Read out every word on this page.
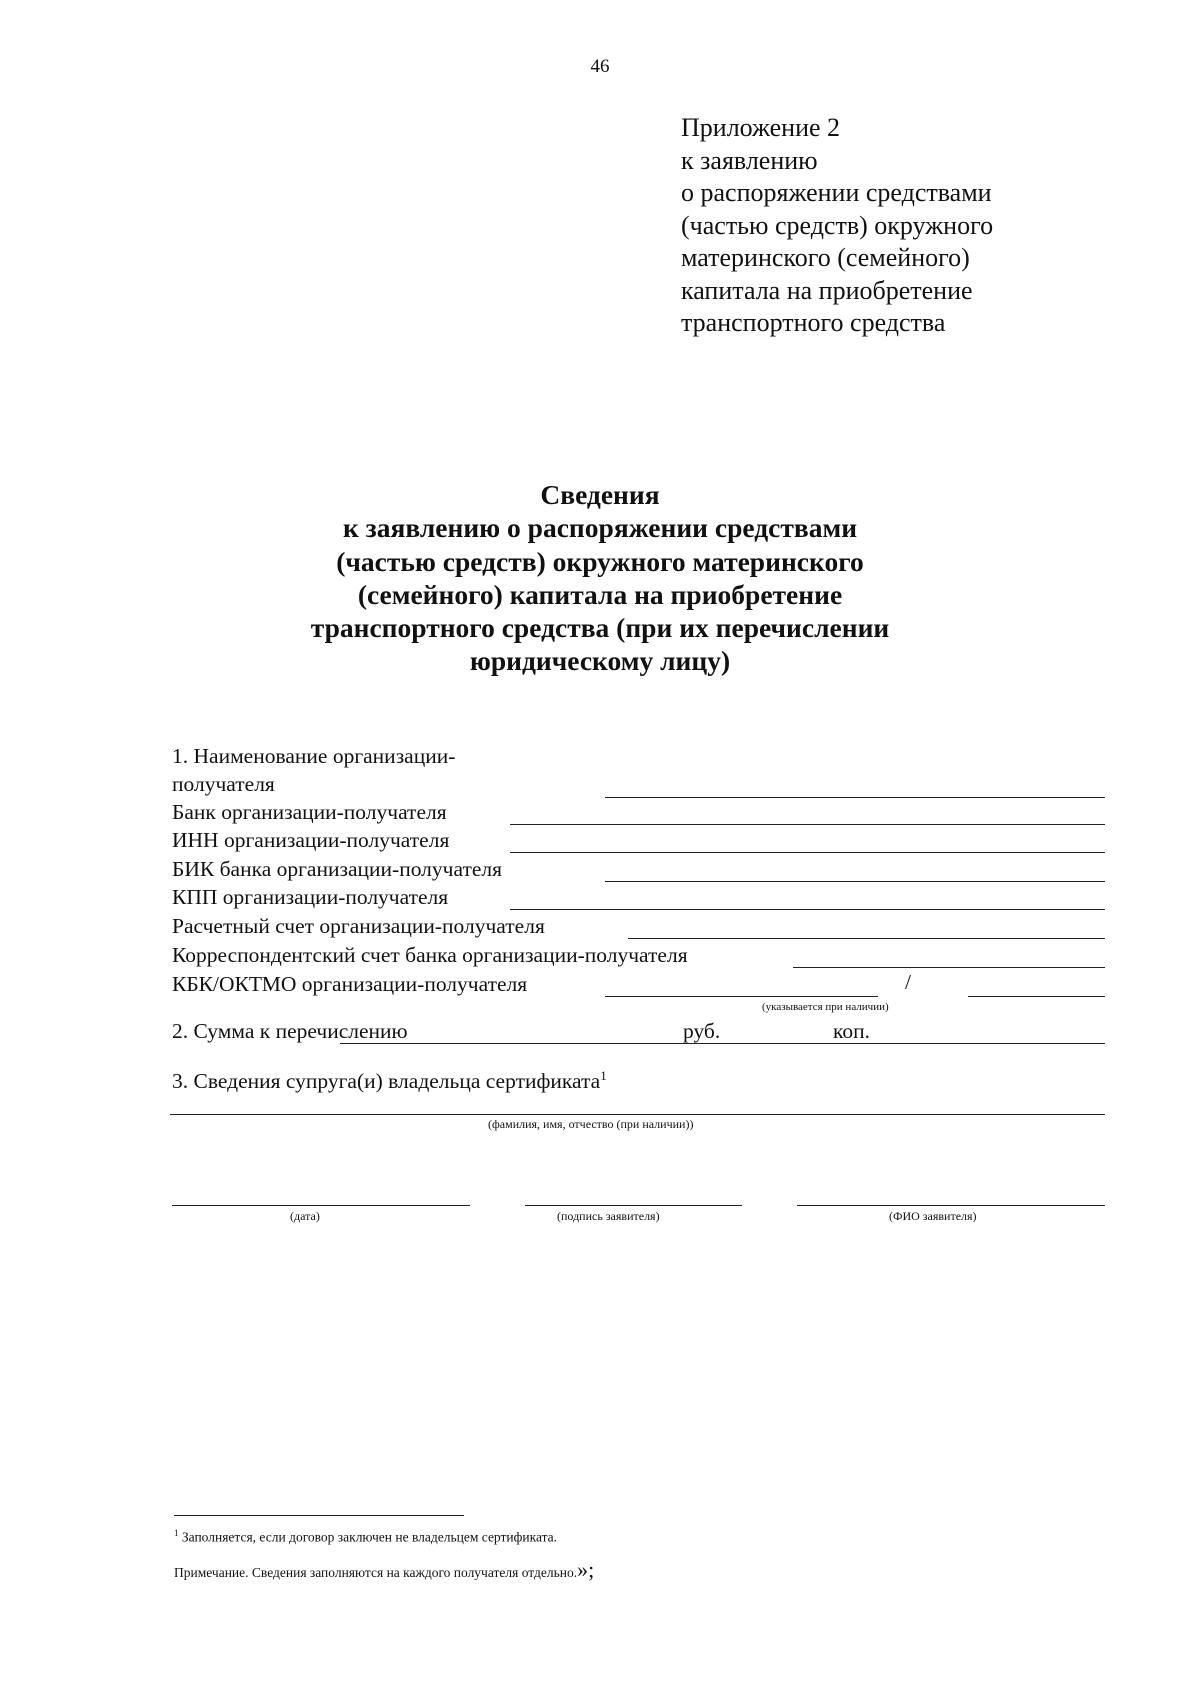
46
Приложение 2
к заявлению
о распоряжении средствами
(частью средств) окружного
материнского (семейного)
капитала на приобретение
транспортного средства
Сведения
к заявлению о распоряжении средствами
(частью средств) окружного материнского
(семейного) капитала на приобретение
транспортного средства (при их перечислении
юридическому лицу)
1. Наименование организации-
получателя
Банк организации-получателя
ИНН организации-получателя
БИК банка организации-получателя
КПП организации-получателя
Расчетный счет организации-получателя
Корреспондентский счет банка организации-получателя
КБК/ОКТМО организации-получателя	/
(указывается при наличии)
2. Сумма к перечислению	руб.	коп.
3. Сведения супруга(и) владельца сертификата$^1$
(фамилия, имя, отчество (при наличии))
(дата)	(подпись заявителя)	(ФИО заявителя)
$^1$ Заполняется, если договор заключен не владельцем сертификата.
Примечание. Сведения заполняются на каждого получателя отдельно.»;
